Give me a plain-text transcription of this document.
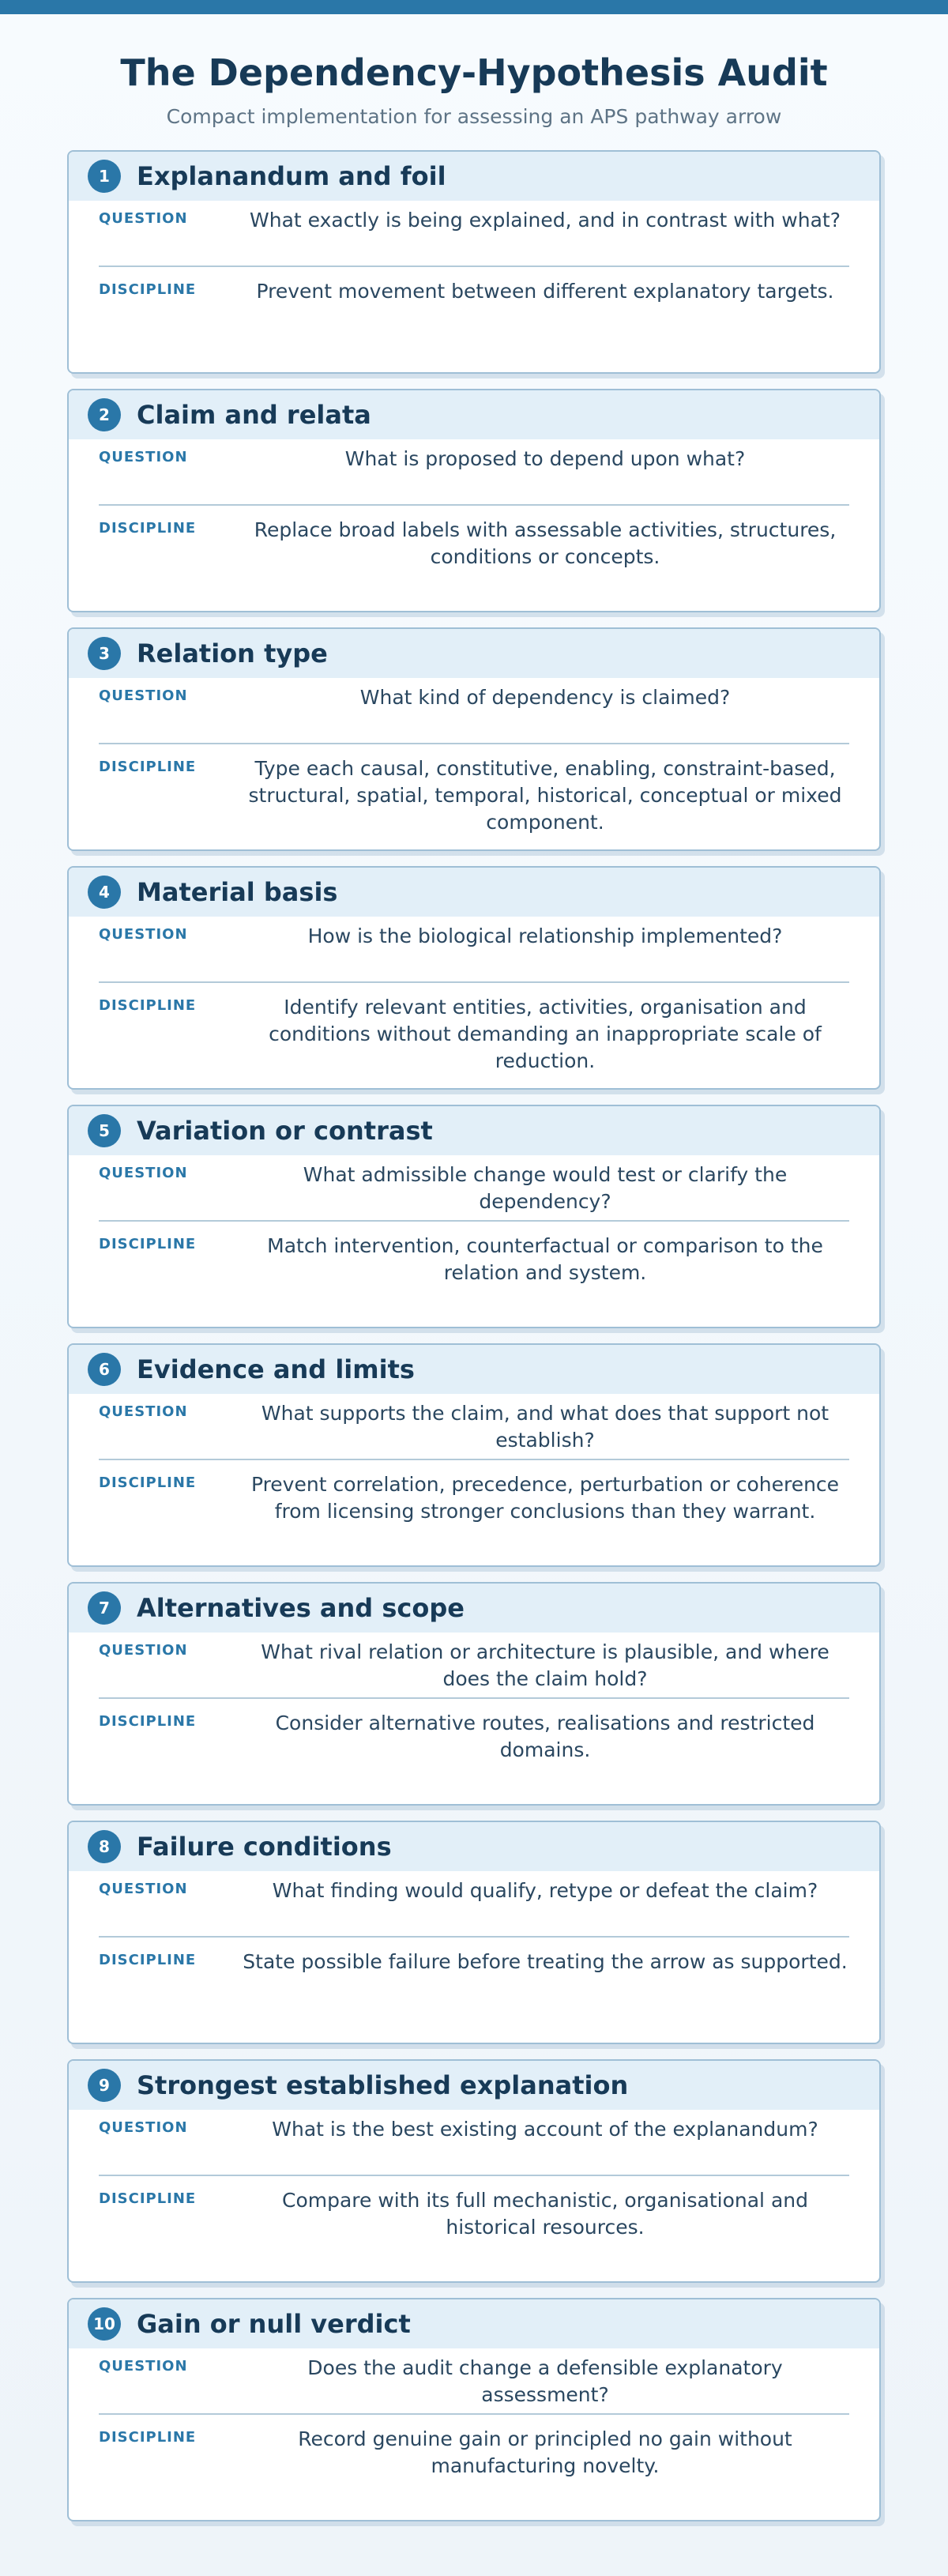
The Dependency-Hypothesis Audit
Compact implementation for assessing an APS pathway arrow
1	Explanandum and foil
QUESTION	What exactly is being explained, and in contrast with what?
DISCIPLINE	Prevent movement between different explanatory targets.
2	Claim and relata
QUESTION	What is proposed to depend upon what?
DISCIPLINE	Replace broad labels with assessable activities, structures, conditions or concepts.
3	Relation type
QUESTION	What kind of dependency is claimed?
DISCIPLINE	Type each causal, constitutive, enabling, constraint-based, structural, spatial, temporal, historical, conceptual or mixed component.
4	Material basis
QUESTION	How is the biological relationship implemented?
DISCIPLINE	Identify relevant entities, activities, organisation and conditions without demanding an inappropriate scale of reduction.
5	Variation or contrast
QUESTION	What admissible change would test or clarify the dependency?
DISCIPLINE	Match intervention, counterfactual or comparison to the relation and system.
6	Evidence and limits
QUESTION	What supports the claim, and what does that support not establish?
DISCIPLINE	Prevent correlation, precedence, perturbation or coherence from licensing stronger conclusions than they warrant.
7	Alternatives and scope
QUESTION	What rival relation or architecture is plausible, and where does the claim hold?
DISCIPLINE	Consider alternative routes, realisations and restricted domains.
8	Failure conditions
QUESTION	What finding would qualify, retype or defeat the claim?
DISCIPLINE	State possible failure before treating the arrow as supported.
9	Strongest established explanation
QUESTION	What is the best existing account of the explanandum?
DISCIPLINE	Compare with its full mechanistic, organisational and historical resources.
10 Gain or null verdict
QUESTION	Does the audit change a defensible explanatory assessment?
DISCIPLINE	Record genuine gain or principled no gain without manufacturing novelty.
